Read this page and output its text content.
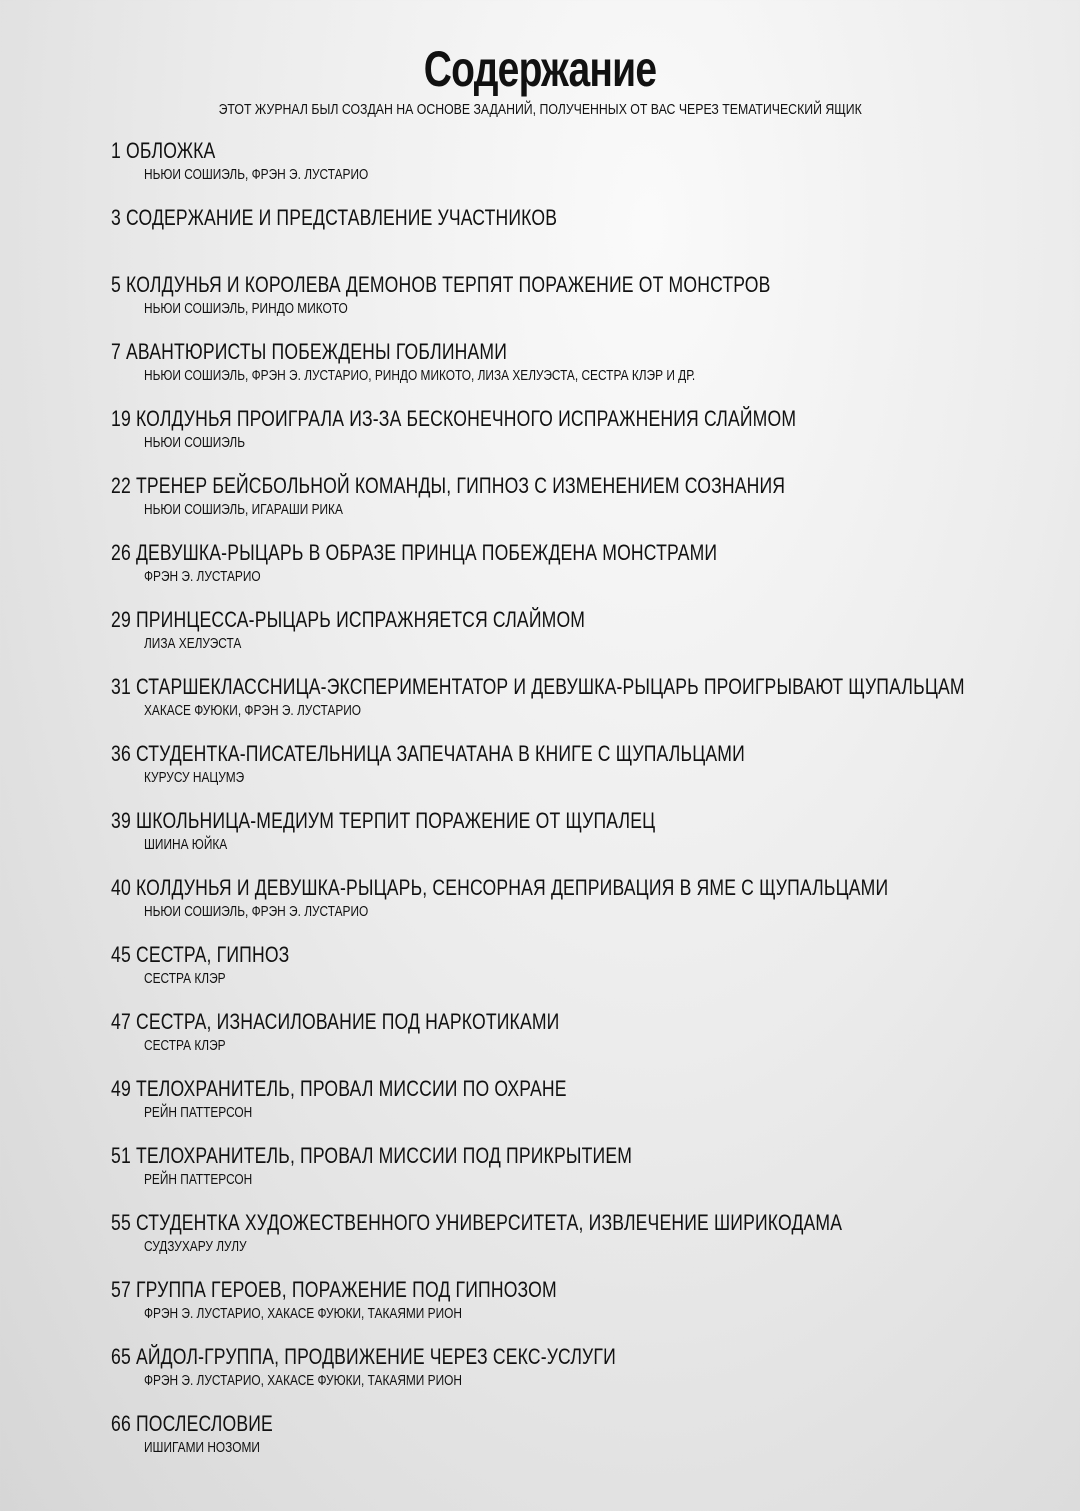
Содержание
ЭТОТ ЖУРНАЛ БЫЛ СОЗДАН НА ОСНОВЕ ЗАДАНИЙ, ПОЛУЧЕННЫХ ОТ ВАС ЧЕРЕЗ ТЕМАТИЧЕСКИЙ ЯЩИК
1 ОБЛОЖКА
НЬЮИ СОШИЭЛЬ, ФРЭН Э. ЛУСТАРИО
3 СОДЕРЖАНИЕ И ПРЕДСТАВЛЕНИЕ УЧАСТНИКОВ
5 КОЛДУНЬЯ И КОРОЛЕВА ДЕМОНОВ ТЕРПЯТ ПОРАЖЕНИЕ ОТ МОНСТРОВ
НЬЮИ СОШИЭЛЬ, РИНДО МИКОТО
7 АВАНТЮРИСТЫ ПОБЕЖДЕНЫ ГОБЛИНАМИ
НЬЮИ СОШИЭЛЬ, ФРЭН Э. ЛУСТАРИО, РИНДО МИКОТО, ЛИЗА ХЕЛУЭСТА, СЕСТРА КЛЭР И ДР.
19 КОЛДУНЬЯ ПРОИГРАЛА ИЗ-ЗА БЕСКОНЕЧНОГО ИСПРАЖНЕНИЯ СЛАЙМОМ
НЬЮИ СОШИЭЛЬ
22 ТРЕНЕР БЕЙСБОЛЬНОЙ КОМАНДЫ, ГИПНОЗ С ИЗМЕНЕНИЕМ СОЗНАНИЯ
НЬЮИ СОШИЭЛЬ, ИГАРАШИ РИКА
26 ДЕВУШКА-РЫЦАРЬ В ОБРАЗЕ ПРИНЦА ПОБЕЖДЕНА МОНСТРАМИ
ФРЭН Э. ЛУСТАРИО
29 ПРИНЦЕССА-РЫЦАРЬ ИСПРАЖНЯЕТСЯ СЛАЙМОМ
ЛИЗА ХЕЛУЭСТА
31 СТАРШЕКЛАССНИЦА-ЭКСПЕРИМЕНТАТОР И ДЕВУШКА-РЫЦАРЬ ПРОИГРЫВАЮТ ЩУПАЛЬЦАМ
ХАКАСЕ ФУЮКИ, ФРЭН Э. ЛУСТАРИО
36 СТУДЕНТКА-ПИСАТЕЛЬНИЦА ЗАПЕЧАТАНА В КНИГЕ С ЩУПАЛЬЦАМИ
КУРУСУ НАЦУМЭ
39 ШКОЛЬНИЦА-МЕДИУМ ТЕРПИТ ПОРАЖЕНИЕ ОТ ЩУПАЛЕЦ
ШИИНА ЮЙКА
40 КОЛДУНЬЯ И ДЕВУШКА-РЫЦАРЬ, СЕНСОРНАЯ ДЕПРИВАЦИЯ В ЯМЕ С ЩУПАЛЬЦАМИ
НЬЮИ СОШИЭЛЬ, ФРЭН Э. ЛУСТАРИО
45 СЕСТРА, ГИПНОЗ
СЕСТРА КЛЭР
47 СЕСТРА, ИЗНАСИЛОВАНИЕ ПОД НАРКОТИКАМИ
СЕСТРА КЛЭР
49 ТЕЛОХРАНИТЕЛЬ, ПРОВАЛ МИССИИ ПО ОХРАНЕ
РЕЙН ПАТТЕРСОН
51 ТЕЛОХРАНИТЕЛЬ, ПРОВАЛ МИССИИ ПОД ПРИКРЫТИЕМ
РЕЙН ПАТТЕРСОН
55 СТУДЕНТКА ХУДОЖЕСТВЕННОГО УНИВЕРСИТЕТА, ИЗВЛЕЧЕНИЕ ШИРИКОДАМА
СУДЗУХАРУ ЛУЛУ
57 ГРУППА ГЕРОЕВ, ПОРАЖЕНИЕ ПОД ГИПНОЗОМ
ФРЭН Э. ЛУСТАРИО, ХАКАСЕ ФУЮКИ, ТАКАЯМИ РИОН
65 АЙДОЛ-ГРУППА, ПРОДВИЖЕНИЕ ЧЕРЕЗ СЕКС-УСЛУГИ
ФРЭН Э. ЛУСТАРИО, ХАКАСЕ ФУЮКИ, ТАКАЯМИ РИОН
66 ПОСЛЕСЛОВИЕ
ИШИГАМИ НОЗОМИ
